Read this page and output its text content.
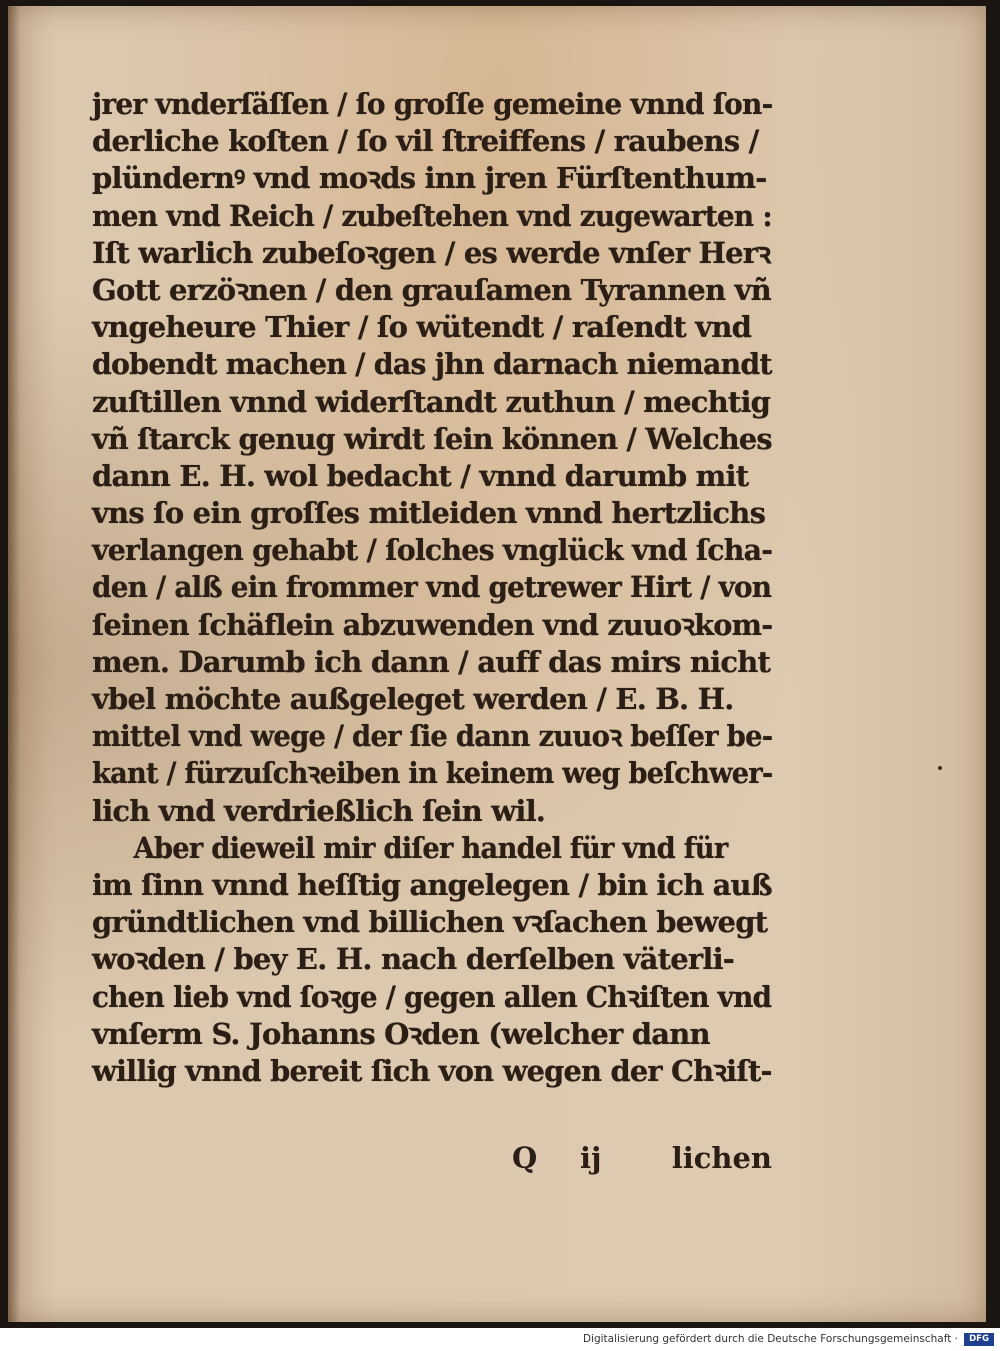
jrer vnderſäſſen / ſo groſſe gemeine vnnd ſon-
derliche koſten / ſo vil ſtreiffens / raubens /
plündernꝰ vnd moꝛds inn jren Fürſtenthum-
men vnd Reich / zubeſtehen vnd zugewarten :
Iſt warlich zubeſoꝛgen / es werde vnſer Herꝛ
Gott erzöꝛnen / den grauſamen Tyrannen vñ
vngeheure Thier / ſo wütendt / raſendt vnd
dobendt machen / das jhn darnach niemandt
zuſtillen vnnd widerſtandt zuthun / mechtig
vñ ſtarck genug wirdt ſein können / Welches
dann E. H. wol bedacht / vnnd darumb mit
vns ſo ein groſſes mitleiden vnnd hertzlichs
verlangen gehabt / ſolches vnglück vnd ſcha-
den / alß ein frommer vnd getrewer Hirt / von
ſeinen ſchäflein abzuwenden vnd zuuoꝛkom-
men. Darumb ich dann / auff das mirs nicht
vbel möchte außgeleget werden / E. B. H.
mittel vnd wege / der ſie dann zuuoꝛ beſſer be-
kant / fürzuſchꝛeiben in keinem weg beſchwer-
lich vnd verdrießlich ſein wil.
Aber dieweil mir diſer handel für vnd für
im ſinn vnnd heſſtig angelegen / bin ich auß
gründtlichen vnd billichen vꝛſachen bewegt
woꝛden / bey E. H. nach derſelben väterli-
chen lieb vnd ſoꝛge / gegen allen Chꝛiſten vnd
vnſerm S. Johanns Oꝛden (welcher dann
willig vnnd bereit ſich von wegen der Chꝛiſt-
Q ij lichen
Digitalisierung gefördert durch die Deutsche Forschungsgemeinschaft ·	DFG
